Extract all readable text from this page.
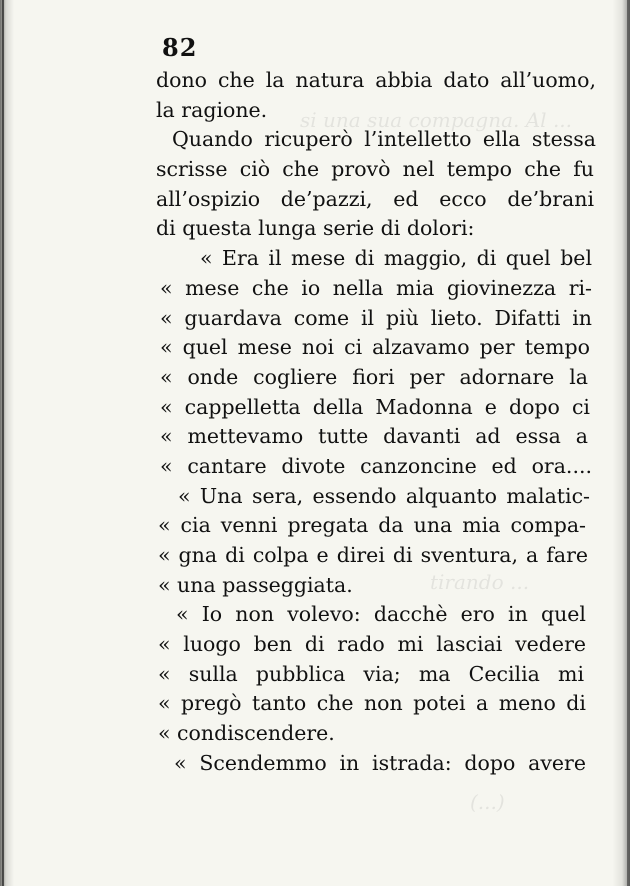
si una sua compagna. Al ...
tirando ...
(...)
82
dono che la natura abbia dato all’uomo,
la ragione.
Quando ricuperò l’intelletto ella stessa
scrisse ciò che provò nel tempo che fu
all’ospizio de’pazzi, ed ecco de’brani
di questa lunga serie di dolori:
« Era il mese di maggio, di quel bel
« mese che io nella mia giovinezza ri-
« guardava come il più lieto. Difatti in
« quel mese noi ci alzavamo per tempo
« onde cogliere fiori per adornare la
« cappelletta della Madonna e dopo ci
« mettevamo tutte davanti ad essa a
« cantare divote canzoncine ed ora....
« Una sera, essendo alquanto malatic-
« cia venni pregata da una mia compa-
« gna di colpa e direi di sventura, a fare
« una passeggiata.
« Io non volevo: dacchè ero in quel
« luogo ben di rado mi lasciai vedere
« sulla pubblica via; ma Cecilia mi
« pregò tanto che non potei a meno di
« condiscendere.
« Scendemmo in istrada: dopo avere
